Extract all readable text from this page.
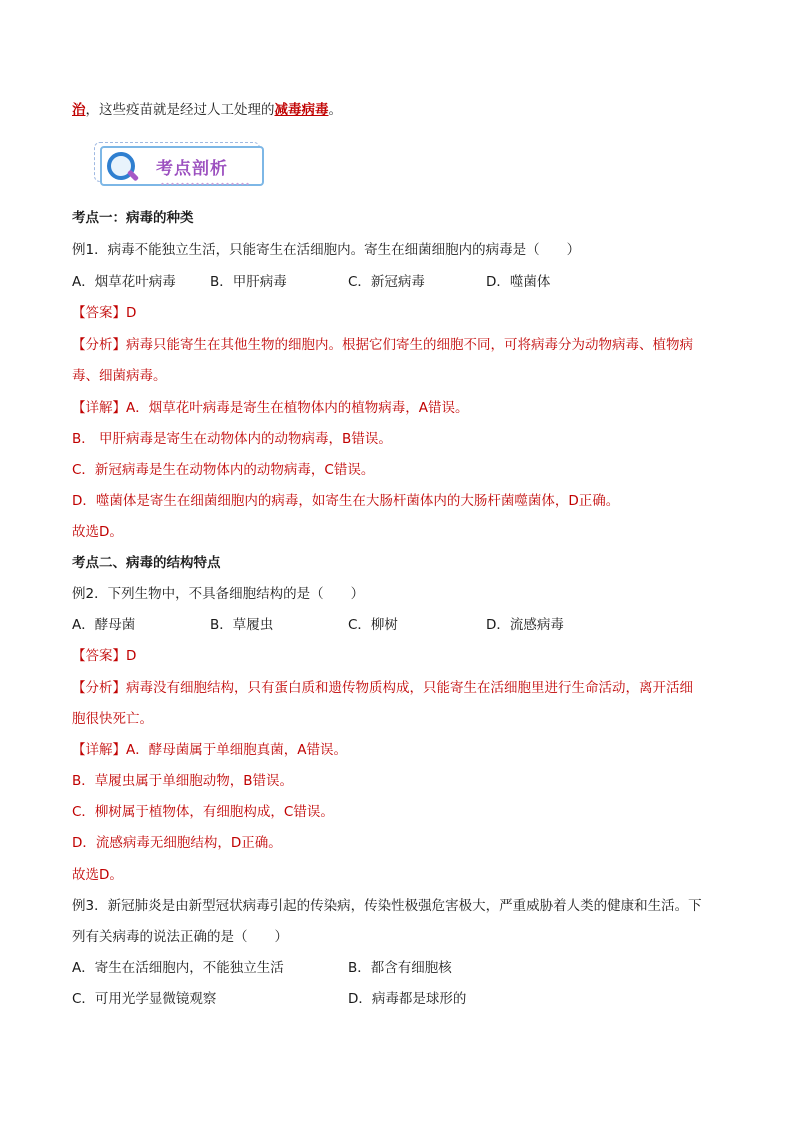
治，这些疫苗就是经过人工处理的减毒病毒。
考点剖析
考点一：病毒的种类
例1．病毒不能独立生活，只能寄生在活细胞内。寄生在细菌细胞内的病毒是（　　）
A．烟草花叶病毒	B．甲肝病毒	C．新冠病毒	D．噬菌体
【答案】D
【分析】病毒只能寄生在其他生物的细胞内。根据它们寄生的细胞不同，可将病毒分为动物病毒、植物病
毒、细菌病毒。
【详解】A．烟草花叶病毒是寄生在植物体内的植物病毒，A错误。
B． 甲肝病毒是寄生在动物体内的动物病毒，B错误。
C．新冠病毒是生在动物体内的动物病毒，C错误。
D．噬菌体是寄生在细菌细胞内的病毒，如寄生在大肠杆菌体内的大肠杆菌噬菌体，D正确。
故选D。
考点二、病毒的结构特点
例2．下列生物中，不具备细胞结构的是（　　）
A．酵母菌	B．草履虫	C．柳树	D．流感病毒
【答案】D
【分析】病毒没有细胞结构，只有蛋白质和遗传物质构成，只能寄生在活细胞里进行生命活动，离开活细
胞很快死亡。
【详解】A．酵母菌属于单细胞真菌，A错误。
B．草履虫属于单细胞动物，B错误。
C．柳树属于植物体，有细胞构成，C错误。
D．流感病毒无细胞结构，D正确。
故选D。
例3．新冠肺炎是由新型冠状病毒引起的传染病，传染性极强危害极大，严重威胁着人类的健康和生活。下
列有关病毒的说法正确的是（　　）
A．寄生在活细胞内，不能独立生活	B．都含有细胞核
C．可用光学显微镜观察	D．病毒都是球形的
